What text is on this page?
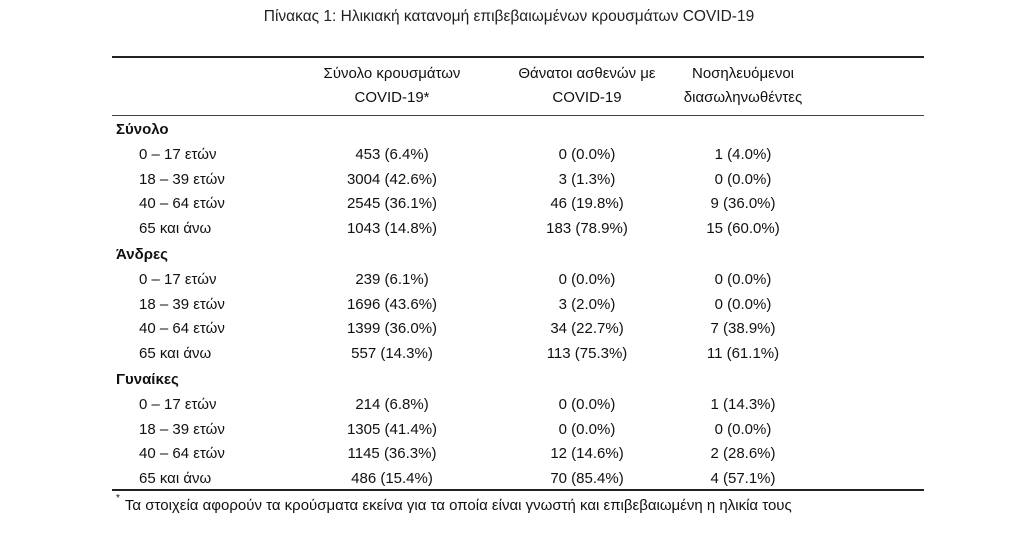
Πίνακας 1: Ηλικιακή κατανομή επιβεβαιωμένων κρουσμάτων COVID-19
Σύνολο κρουσμάτων
COVID-19*
Θάνατοι ασθενών με
COVID-19
Νοσηλευόμενοι
διασωληνωθέντες
Σύνολο
0 – 17 ετών	453 (6.4%)	0 (0.0%)	1 (4.0%)
18 – 39 ετών	3004 (42.6%)	3 (1.3%)	0 (0.0%)
40 – 64 ετών	2545 (36.1%)	46 (19.8%)	9 (36.0%)
65 και άνω	1043 (14.8%)	183 (78.9%)	15 (60.0%)
Άνδρες
0 – 17 ετών	239 (6.1%)	0 (0.0%)	0 (0.0%)
18 – 39 ετών	1696 (43.6%)	3 (2.0%)	0 (0.0%)
40 – 64 ετών	1399 (36.0%)	34 (22.7%)	7 (38.9%)
65 και άνω	557 (14.3%)	113 (75.3%)	11 (61.1%)
Γυναίκες
0 – 17 ετών	214 (6.8%)	0 (0.0%)	1 (14.3%)
18 – 39 ετών	1305 (41.4%)	0 (0.0%)	0 (0.0%)
40 – 64 ετών	1145 (36.3%)	12 (14.6%)	2 (28.6%)
65 και άνω	486 (15.4%)	70 (85.4%)	4 (57.1%)
* Τα στοιχεία αφορούν τα κρούσματα εκείνα για τα οποία είναι γνωστή και επιβεβαιωμένη η ηλικία τους
